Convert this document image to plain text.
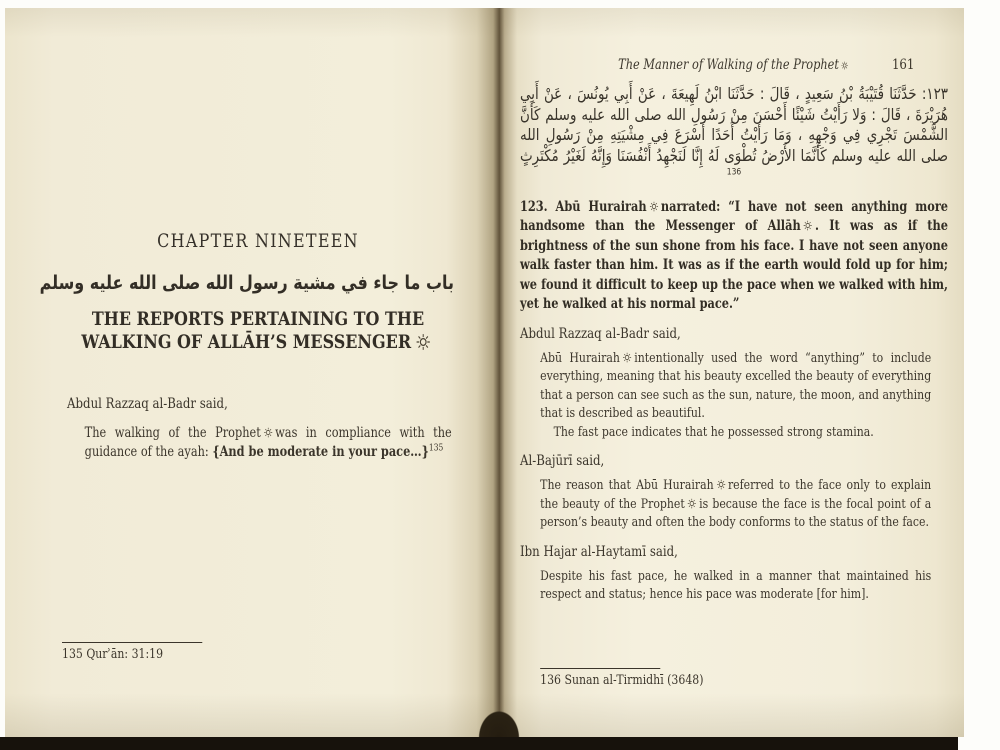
CHAPTER NINETEEN
باب ما جاء في مشية رسول الله صلى الله عليه وسلم
THE REPORTS PERTAINING TO THE
WALKING OF ALLĀH’S MESSENGER

Abdul Razzaq al-Badr said,

The walking of the Prophet was in compliance with the guidance of the ayah: {And be moderate in your pace…}$^{135}$

135 Qurʾān: 31:19
The Manner of Walking of the Prophet	161

١٢٣: حَدَّثَنَا قُتَيْبَةُ بْنُ سَعِيدٍ ، قَالَ : حَدَّثَنَا ابْنُ لَهِيعَةَ ، عَنْ أَبِي يُونُسَ ، عَنْ أَبِي هُرَيْرَةَ ، قَالَ : وَلا رَأَيْتُ شَيْئًا أَحْسَنَ مِنْ رَسُولِ الله صلى الله عليه وسلم كَأَنَّ الشَّمْسَ تَجْرِي فِي وَجْهِهِ ، وَمَا رَأَيْتُ أَحَدًا أَسْرَعَ فِي مِشْيَتِهِ مِنْ رَسُولِ الله صلى الله عليه وسلم كَأَنَّمَا الأَرْضُ تُطْوَى لَهُ إِنَّا لَنَجْهِدُ أَنْفُسَنَا وَإِنَّهُ لَغَيْرُ مُكْتَرِثٍ $^{136}$

123. Abū Hurairah narrated: “I have not seen anything more handsome than the Messenger of Allāh . It was as if the brightness of the sun shone from his face. I have not seen anyone walk faster than him. It was as if the earth would fold up for him; we found it difficult to keep up the pace when we walked with him, yet he walked at his normal pace.”

Abdul Razzaq al-Badr said,

Abū Hurairah intentionally used the word “anything” to include everything, meaning that his beauty excelled the beauty of everything that a person can see such as the sun, nature, the moon, and anything that is described as beautiful.

The fast pace indicates that he possessed strong stamina.

Al-Bajūrī said,

The reason that Abū Hurairah referred to the face only to explain the beauty of the Prophet is because the face is the focal point of a person’s beauty and often the body conforms to the status of the face.

Ibn Hajar al-Haytamī said,

Despite his fast pace, he walked in a manner that maintained his respect and status; hence his pace was moderate [for him].

136 Sunan al-Tirmidhī (3648)
